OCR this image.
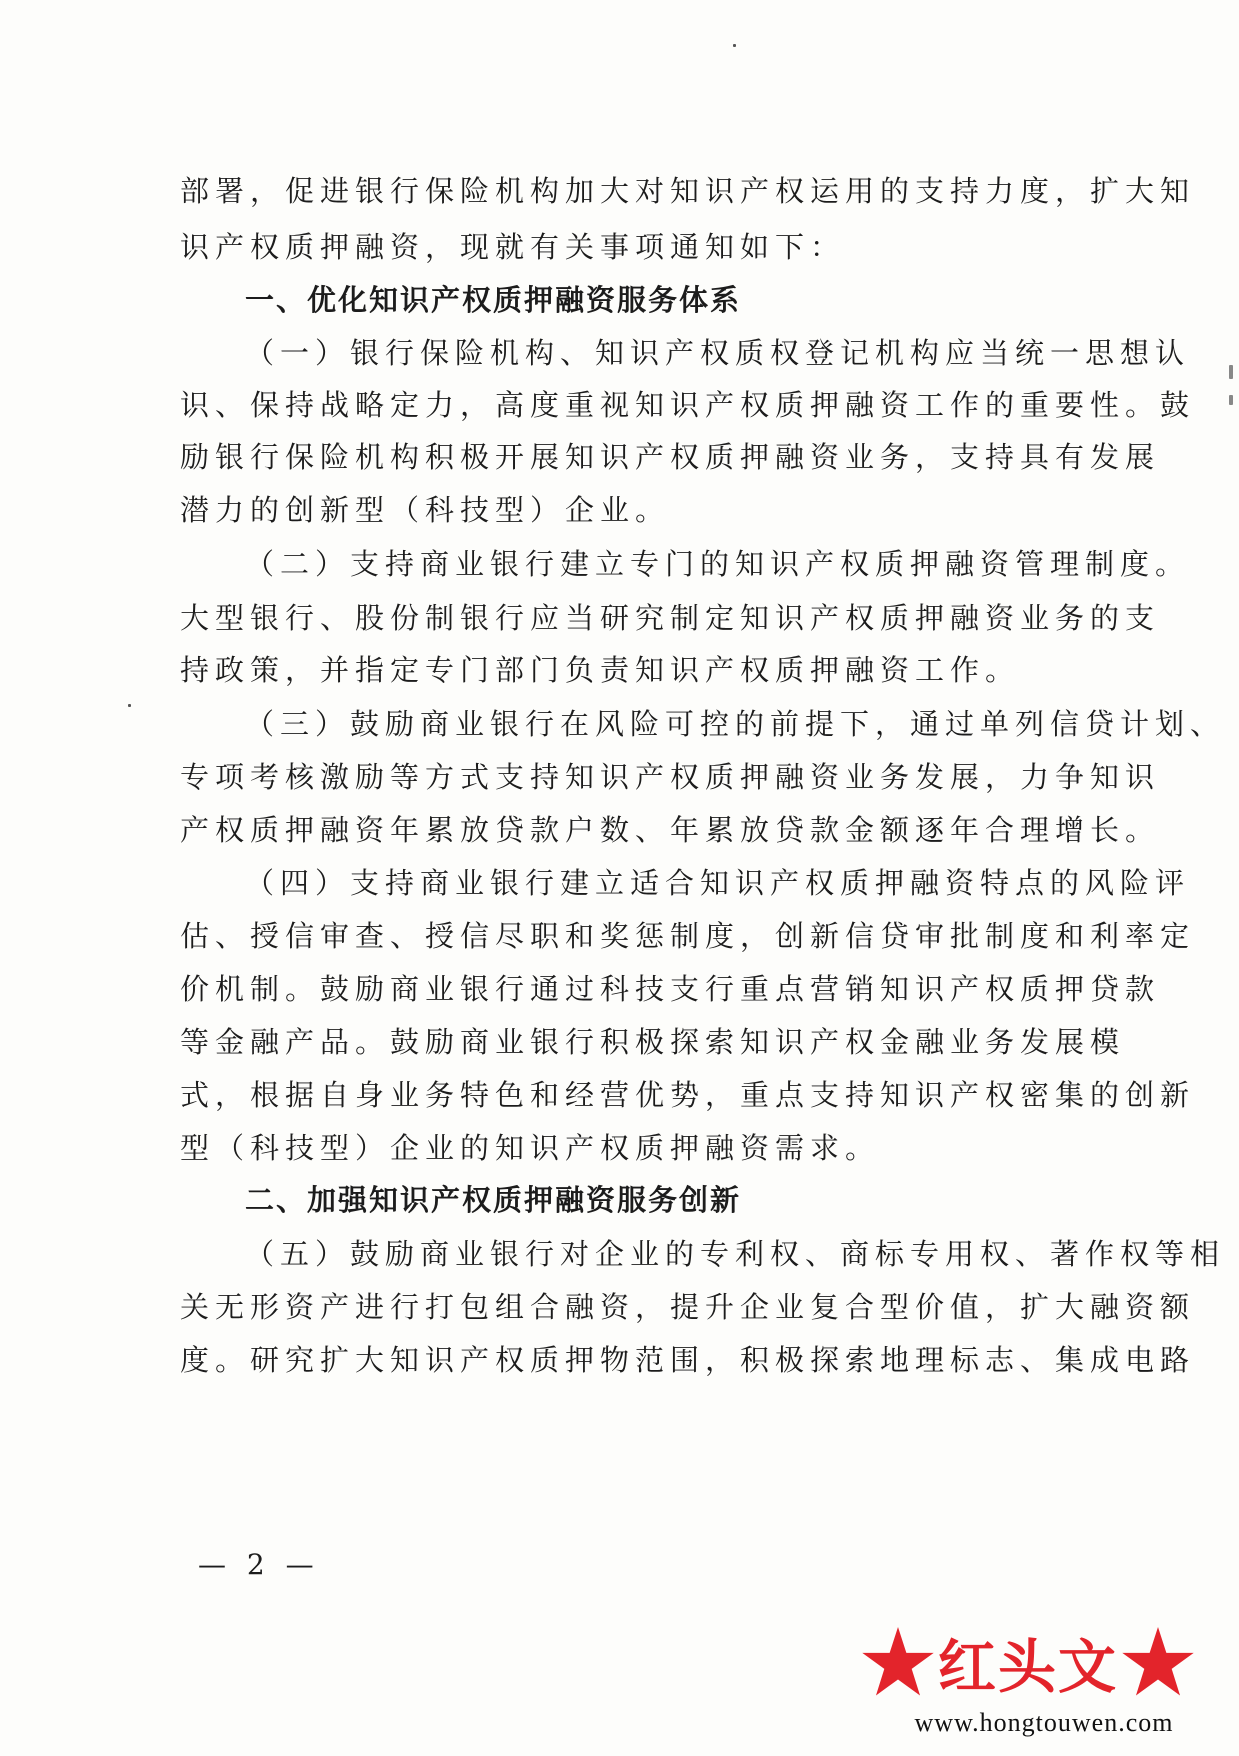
部署，促进银行保险机构加大对知识产权运用的支持力度，扩大知
识产权质押融资，现就有关事项通知如下：
一、优化知识产权质押融资服务体系
（一）银行保险机构、知识产权质权登记机构应当统一思想认
识、保持战略定力，高度重视知识产权质押融资工作的重要性。鼓
励银行保险机构积极开展知识产权质押融资业务，支持具有发展
潜力的创新型（科技型）企业。
（二）支持商业银行建立专门的知识产权质押融资管理制度。
大型银行、股份制银行应当研究制定知识产权质押融资业务的支
持政策，并指定专门部门负责知识产权质押融资工作。
（三）鼓励商业银行在风险可控的前提下，通过单列信贷计划、
专项考核激励等方式支持知识产权质押融资业务发展，力争知识
产权质押融资年累放贷款户数、年累放贷款金额逐年合理增长。
（四）支持商业银行建立适合知识产权质押融资特点的风险评
估、授信审查、授信尽职和奖惩制度，创新信贷审批制度和利率定
价机制。鼓励商业银行通过科技支行重点营销知识产权质押贷款
等金融产品。鼓励商业银行积极探索知识产权金融业务发展模
式，根据自身业务特色和经营优势，重点支持知识产权密集的创新
型（科技型）企业的知识产权质押融资需求。
二、加强知识产权质押融资服务创新
（五）鼓励商业银行对企业的专利权、商标专用权、著作权等相
关无形资产进行打包组合融资，提升企业复合型价值，扩大融资额
度。研究扩大知识产权质押物范围，积极探索地理标志、集成电路
— 2 —
红头文
www.hongtouwen.com
